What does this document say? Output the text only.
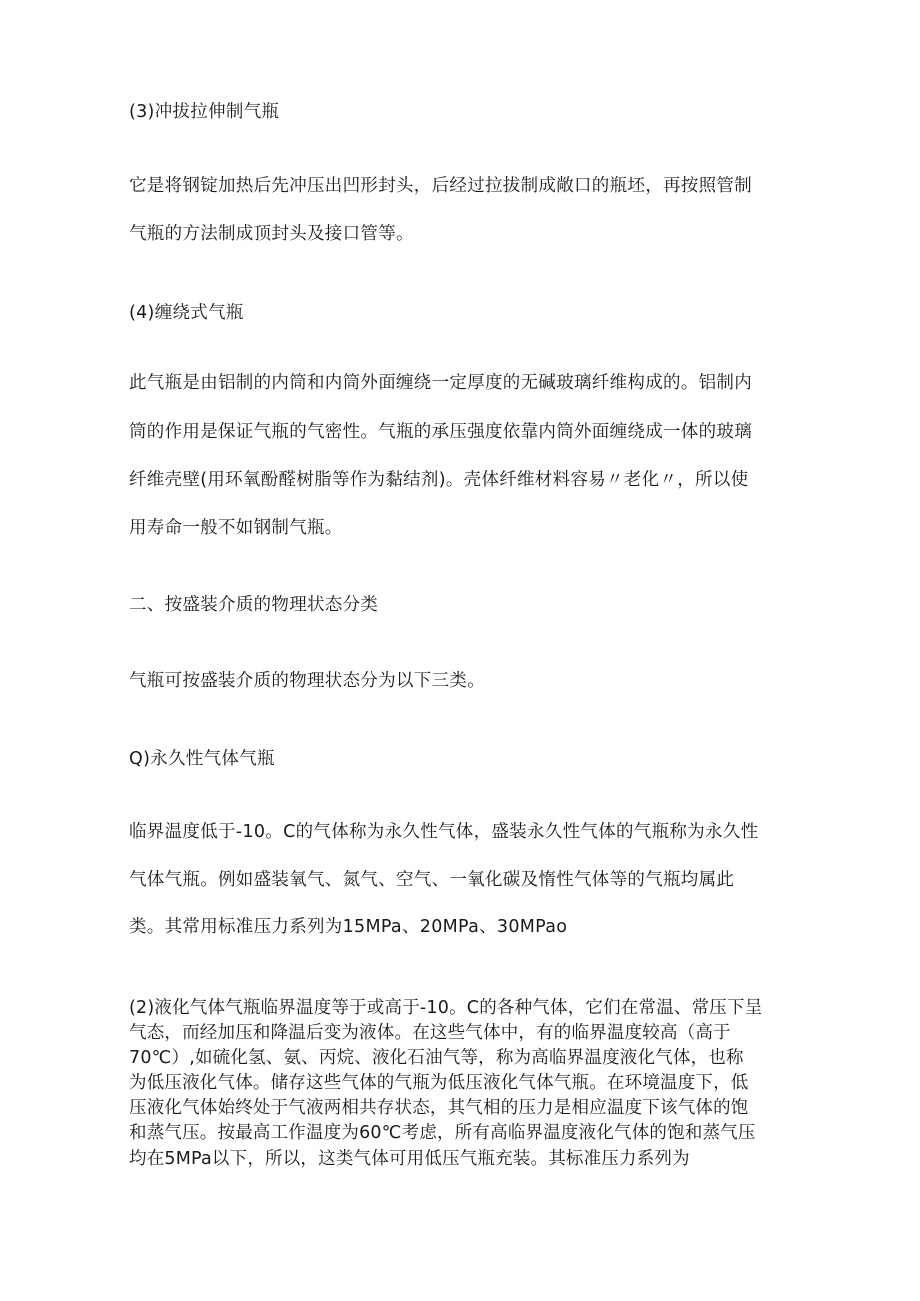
(3)冲拔拉伸制气瓶
它是将钢锭加热后先冲压出凹形封头，后经过拉拔制成敞口的瓶坯，再按照管制
气瓶的方法制成顶封头及接口管等。
(4)缠绕式气瓶
此气瓶是由铝制的内筒和内筒外面缠绕一定厚度的无碱玻璃纤维构成的。铝制内
筒的作用是保证气瓶的气密性。气瓶的承压强度依靠内筒外面缠绕成一体的玻璃
纤维壳壁(用环氧酚醛树脂等作为黏结剂)。壳体纤维材料容易〃老化〃，所以使
用寿命一般不如钢制气瓶。
二、按盛装介质的物理状态分类
气瓶可按盛装介质的物理状态分为以下三类。
Q)永久性气体气瓶
临界温度低于-10。C的气体称为永久性气体，盛装永久性气体的气瓶称为永久性
气体气瓶。例如盛装氧气、氮气、空气、一氧化碳及惰性气体等的气瓶均属此
类。其常用标准压力系列为15MPa、20MPa、30MPao
(2)液化气体气瓶临界温度等于或高于-10。C的各种气体，它们在常温、常压下呈
气态，而经加压和降温后变为液体。在这些气体中，有的临界温度较高（高于
70℃）,如硫化氢、氨、丙烷、液化石油气等，称为高临界温度液化气体，也称
为低压液化气体。储存这些气体的气瓶为低压液化气体气瓶。在环境温度下，低
压液化气体始终处于气液两相共存状态，其气相的压力是相应温度下该气体的饱
和蒸气压。按最高工作温度为60℃考虑，所有高临界温度液化气体的饱和蒸气压
均在5MPa以下，所以，这类气体可用低压气瓶充装。其标准压力系列为
